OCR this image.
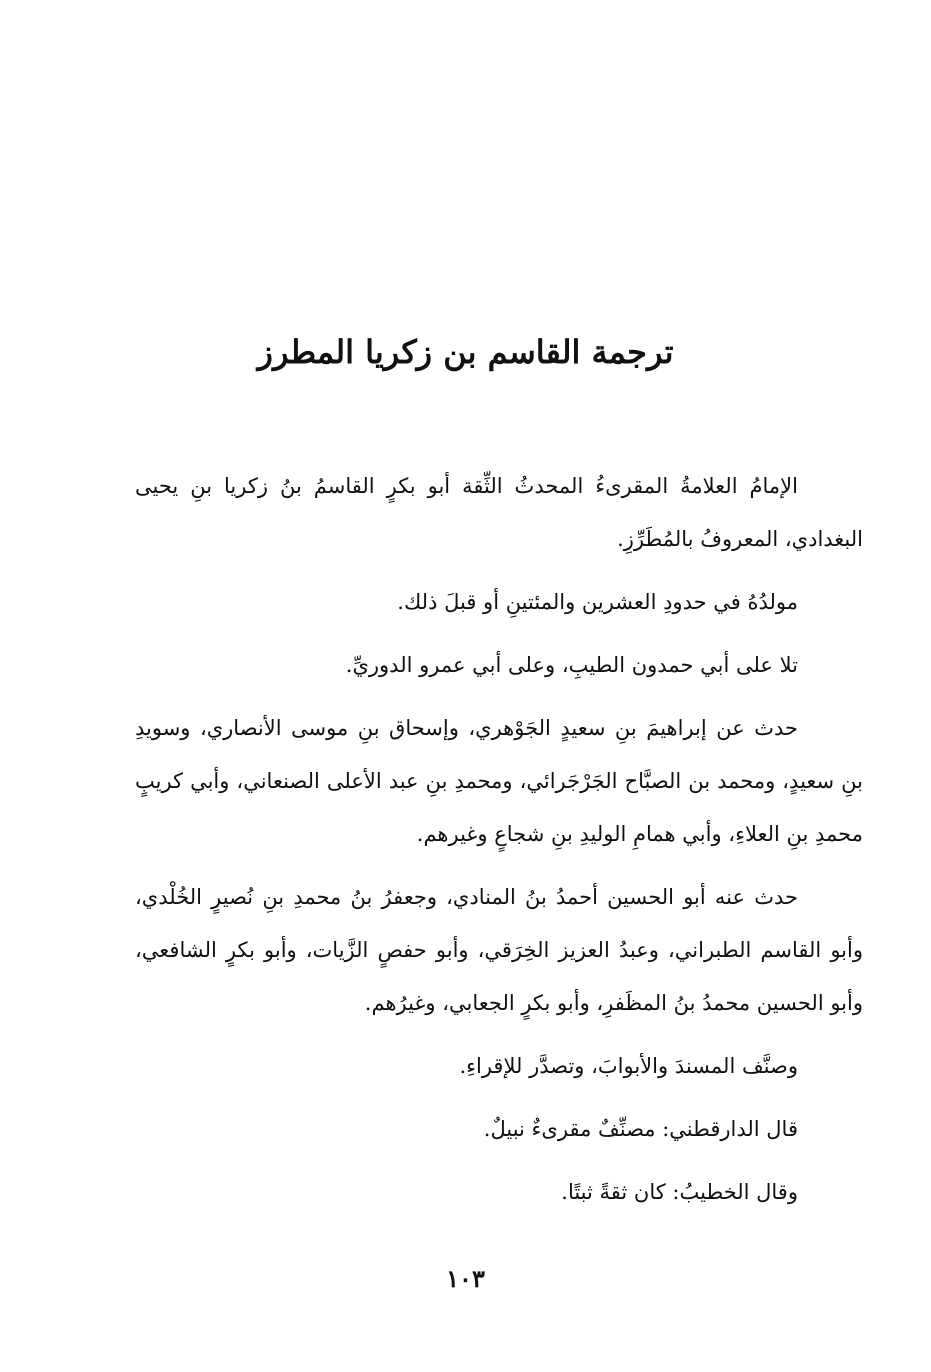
ترجمة القاسم بن زكريا المطرز

الإمامُ العلامةُ المقرىءُ المحدثُ الثِّقة أبو بكرٍ القاسمُ بنُ زكريا بنِ يحيى البغدادي، المعروفُ بالمُطَرِّزِ.

مولدُهُ في حدودِ العشرين والمئتينِ أو قبلَ ذلك.

تلا على أبي حمدون الطيبِ، وعلى أبي عمرو الدوريِّ.

حدث عن إبراهيمَ بنِ سعيدٍ الجَوْهري، وإسحاق بنِ موسى الأنصاري، وسويدِ بنِ سعيدٍ، ومحمد بن الصبَّاح الجَرْجَرائي، ومحمدِ بنِ عبد الأعلى الصنعاني، وأبي كريبٍ محمدِ بنِ العلاءِ، وأبي همامِ الوليدِ بنِ شجاعٍ وغيرهم.

حدث عنه أبو الحسين أحمدُ بنُ المنادي، وجعفرُ بنُ محمدِ بنِ نُصيرٍ الخُلْدي، وأبو القاسم الطبراني، وعبدُ العزيز الخِرَقي، وأبو حفصٍ الزَّيات، وأبو بكرٍ الشافعي، وأبو الحسين محمدُ بنُ المظَفرِ، وأبو بكرٍ الجعابي، وغيرُهم.

وصنَّف المسندَ والأبوابَ، وتصدَّر للإقراءِ.

قال الدارقطني: مصنِّفٌ مقرىءٌ نبيلٌ.

وقال الخطيبُ: كان ثقةً ثبتًا.

١٠٣
